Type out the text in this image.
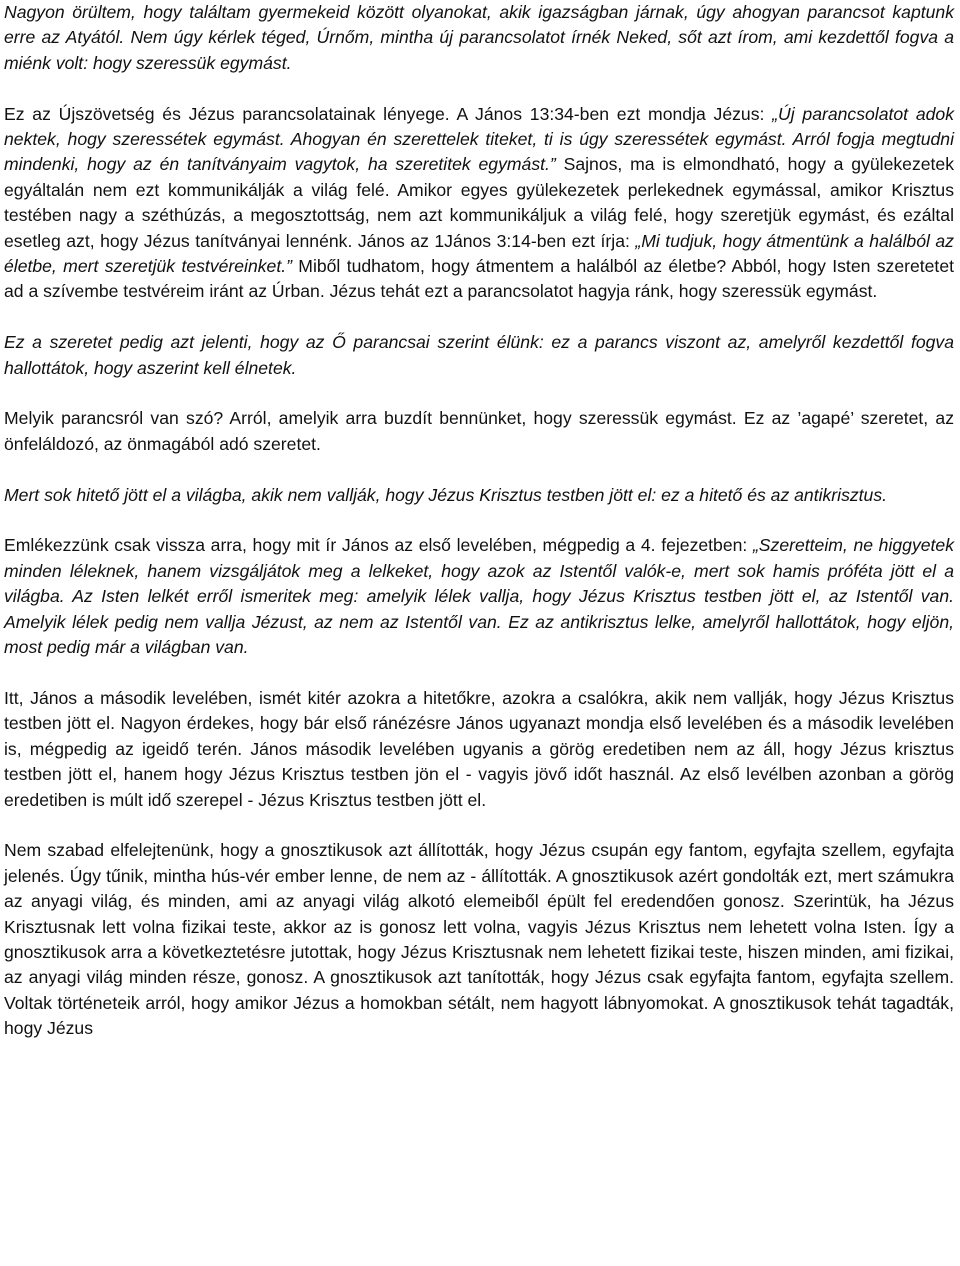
Nagyon örültem, hogy találtam gyermekeid között olyanokat, akik igazságban járnak, úgy ahogyan parancsot kaptunk erre az Atyától. Nem úgy kérlek téged, Úrnőm, mintha új parancsolatot írnék Neked, sőt azt írom, ami kezdettől fogva a miénk volt: hogy szeressük egymást.

Ez az Újszövetség és Jézus parancsolatainak lényege. A János 13:34-ben ezt mondja Jézus: „Új parancsolatot adok nektek, hogy szeressétek egymást. Ahogyan én szerettelek titeket, ti is úgy szeressétek egymást. Arról fogja megtudni mindenki, hogy az én tanítványaim vagytok, ha szeretitek egymást.” Sajnos, ma is elmondható, hogy a gyülekezetek egyáltalán nem ezt kommunikálják a világ felé. Amikor egyes gyülekezetek perlekednek egymással, amikor Krisztus testében nagy a széthúzás, a megosztottság, nem azt kommunikáljuk a világ felé, hogy szeretjük egymást, és ezáltal esetleg azt, hogy Jézus tanítványai lennénk. János az 1János 3:14-ben ezt írja: „Mi tudjuk, hogy átmentünk a halálból az életbe, mert szeretjük testvéreinket.” Miből tudhatom, hogy átmentem a halálból az életbe? Abból, hogy Isten szeretetet ad a szívembe testvéreim iránt az Úrban. Jézus tehát ezt a parancsolatot hagyja ránk, hogy szeressük egymást.

Ez a szeretet pedig azt jelenti, hogy az Ő parancsai szerint élünk: ez a parancs viszont az, amelyről kezdettől fogva hallottátok, hogy aszerint kell élnetek.

Melyik parancsról van szó? Arról, amelyik arra buzdít bennünket, hogy szeressük egymást. Ez az ’agapé’ szeretet, az önfeláldozó, az önmagából adó szeretet.

Mert sok hitető jött el a világba, akik nem vallják, hogy Jézus Krisztus testben jött el: ez a hitető és az antikrisztus.

Emlékezzünk csak vissza arra, hogy mit ír János az első levelében, mégpedig a 4. fejezetben: „Szeretteim, ne higgyetek minden léleknek, hanem vizsgáljátok meg a lelkeket, hogy azok az Istentől valók-e, mert sok hamis próféta jött el a világba. Az Isten lelkét erről ismeritek meg: amelyik lélek vallja, hogy Jézus Krisztus testben jött el, az Istentől van. Amelyik lélek pedig nem vallja Jézust, az nem az Istentől van. Ez az antikrisztus lelke, amelyről hallottátok, hogy eljön, most pedig már a világban van.

Itt, János a második levelében, ismét kitér azokra a hitetőkre, azokra a csalókra, akik nem vallják, hogy Jézus Krisztus testben jött el. Nagyon érdekes, hogy bár első ránézésre János ugyanazt mondja első levelében és a második levelében is, mégpedig az igeidő terén. János második levelében ugyanis a görög eredetiben nem az áll, hogy Jézus krisztus testben jött el, hanem hogy Jézus Krisztus testben jön el - vagyis jövő időt használ. Az első levélben azonban a görög eredetiben is múlt idő szerepel - Jézus Krisztus testben jött el.

Nem szabad elfelejtenünk, hogy a gnosztikusok azt állították, hogy Jézus csupán egy fantom, egyfajta szellem, egyfajta jelenés. Úgy tűnik, mintha hús-vér ember lenne, de nem az - állították. A gnosztikusok azért gondolták ezt, mert számukra az anyagi világ, és minden, ami az anyagi világ alkotó elemeiből épült fel eredendően gonosz. Szerintük, ha Jézus Krisztusnak lett volna fizikai teste, akkor az is gonosz lett volna, vagyis Jézus Krisztus nem lehetett volna Isten. Így a gnosztikusok arra a következtetésre jutottak, hogy Jézus Krisztusnak nem lehetett fizikai teste, hiszen minden, ami fizikai, az anyagi világ minden része, gonosz. A gnosztikusok azt tanították, hogy Jézus csak egyfajta fantom, egyfajta szellem. Voltak történeteik arról, hogy amikor Jézus a homokban sétált, nem hagyott lábnyomokat. A gnosztikusok tehát tagadták, hogy Jézus
